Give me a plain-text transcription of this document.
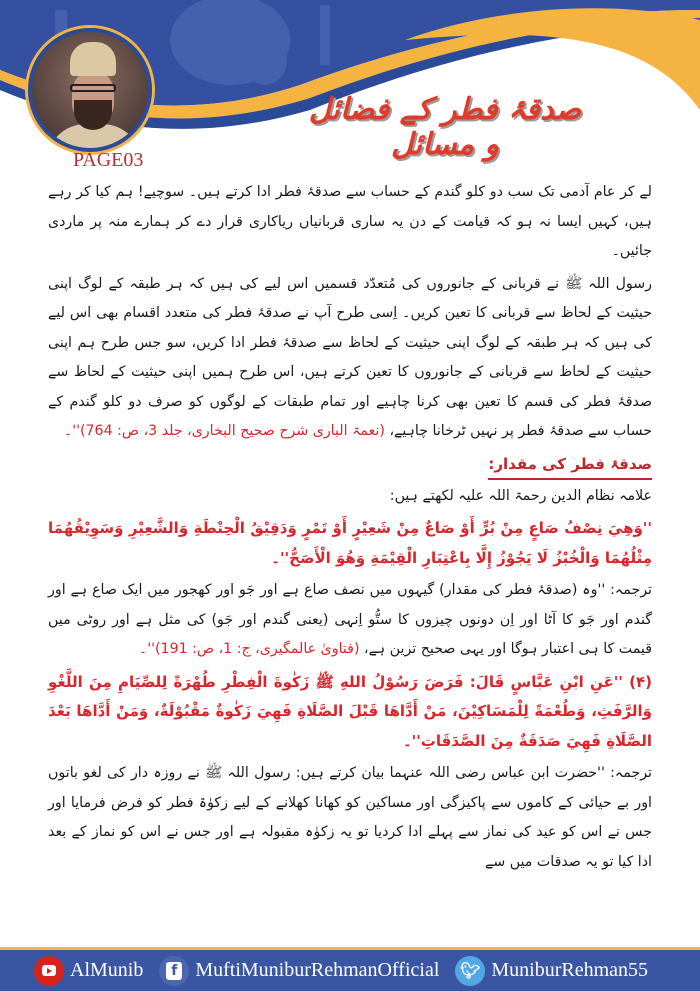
صدقۂ فطر کے فضائل و مسائل
PAGE03

لے کر عام آدمی تک سب دو کلو گندم کے حساب سے صدقۂ فطر ادا کرتے ہیں۔ سوچیے! ہم کیا کر رہے ہیں، کہیں ایسا نہ ہو کہ قیامت کے دن یہ ساری قربانیاں ریاکاری قرار دے کر ہمارے منہ پر ماردی جائیں۔

رسول اللہ ﷺ نے قربانی کے جانوروں کی مُتعدّد قسمیں اس لیے کی ہیں کہ ہر طبقہ کے لوگ اپنی حیثیت کے لحاظ سے قربانی کا تعین کریں۔ اِسی طرح آپ نے صدقۂ فطر کی متعدد اقسام بھی اس لیے کی ہیں کہ ہر طبقہ کے لوگ اپنی حیثیت کے لحاظ سے صدقۂ فطر ادا کریں، سو جس طرح ہم اپنی حیثیت کے لحاظ سے قربانی کے جانوروں کا تعین کرتے ہیں، اس طرح ہمیں اپنی حیثیت کے لحاظ سے صدقۂ فطر کی قسم کا تعین بھی کرنا چاہیے اور تمام طبقات کے لوگوں کو صرف دو کلو گندم کے حساب سے صدقۂ فطر پر نہیں ٹرخانا چاہیے، (نعمۃ الباری شرح صحیح البخاری، جلد 3، ص: 764)''۔

صدقۂ فطر کی مقدار:

علامہ نظام الدین رحمۃ اللہ علیہ لکھتے ہیں:

''وَهِيَ نِصْفُ صَاعٍ مِنْ بُرٍّ أَوْ صَاعٌ مِنْ شَعِيْرٍ أَوْ تَمْرٍ وَدَقِيْقُ الْحِنْطَةِ وَالشَّعِيْرِ وَسَوِيْقُهُمَا مِثْلُهُمَا وَالْخُبْزُ لَا يَجُوْزُ إِلَّا بِاعْتِبَارِ الْقِيْمَةِ وَهُوَ الْأَصَحُّ''۔

ترجمہ: ''وہ (صدقۂ فطر کی مقدار) گیہوں میں نصف صاع ہے اور جَو اور کھجور میں ایک صاع ہے اور گندم اور جَو کا آٹا اور اِن دونوں چیزوں کا ستُّو اِنہی (یعنی گندم اور جَو) کی مثل ہے اور روٹی میں قیمت کا ہی اعتبار ہوگا اور یہی صحیح ترین ہے، (فتاویٰ عالمگیری، ج: 1، ص: 191)''۔

(۴) ''عَنِ ابْنِ عَبَّاسٍ قَالَ: فَرَضَ رَسُوْلُ اللهِ ﷺ زَكٰوةَ الْفِطْرِ طُهْرَةً لِلصِّيَامِ مِنَ اللَّغْوِ وَالرَّفَثِ، وَطُعْمَةً لِلْمَسَاكِيْنَ، مَنْ أَدَّاهَا قَبْلَ الصَّلَاةِ فَهِيَ زَكٰوةٌ مَقْبُوْلَةٌ، وَمَنْ أَدَّاهَا بَعْدَ الصَّلَاةِ فَهِيَ صَدَقَةٌ مِنَ الصَّدَقَاتِ''۔

ترجمہ: ''حضرت ابن عباس رضی اللہ عنہما بیان کرتے ہیں: رسول اللہ ﷺ نے روزہ دار کی لغو باتوں اور بے حیائی کے کاموں سے پاکیزگی اور مساکین کو کھانا کھلانے کے لیے زکوٰۃ فطر کو فرض فرمایا اور جس نے اس کو عید کی نماز سے پہلے ادا کردیا تو یہ زکوٰہ مقبولہ ہے اور جس نے اس کو نماز کے بعد ادا کیا تو یہ صدقات میں سے

AlMunib	f MuftiMuniburRehmanOfficial	🐦︎ MuniburRehman55
